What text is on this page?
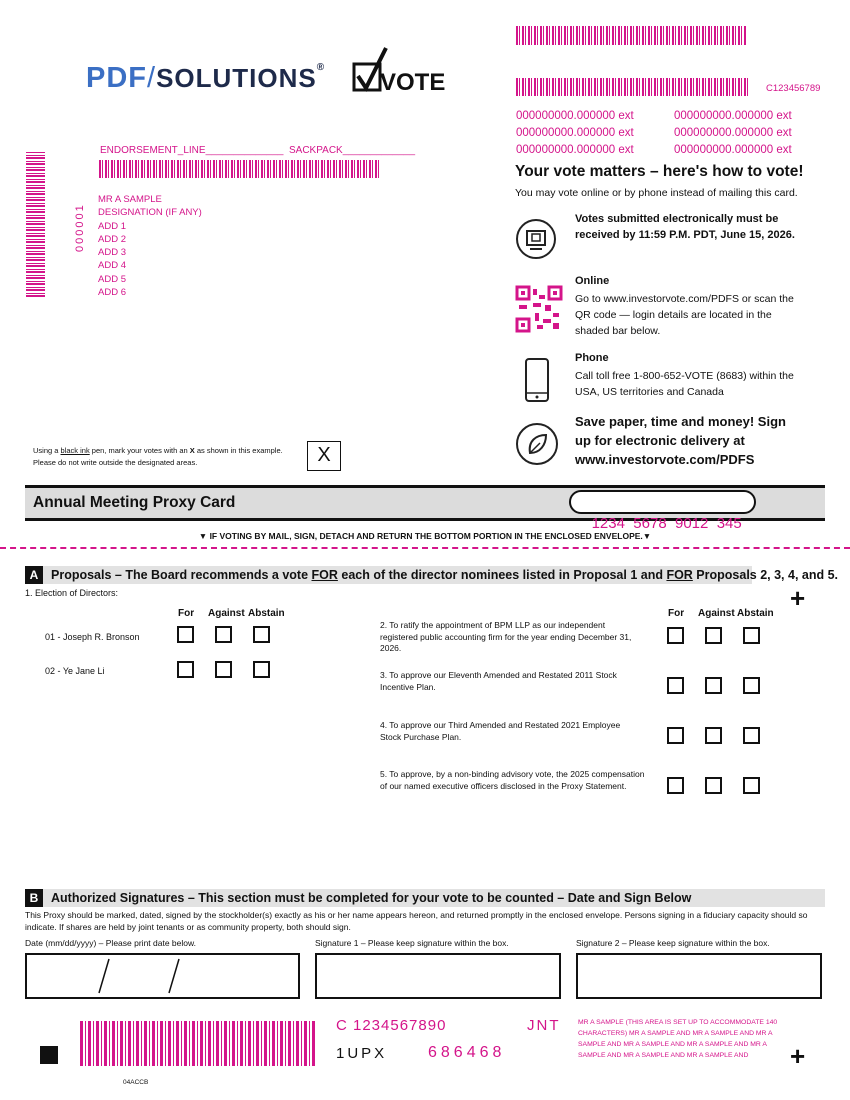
PDF/SOLUTIONS®
VOTE	C123456789
000000000.000000 ext	000000000.000000 ext
000000000.000000 ext	000000000.000000 ext
000000000.000000 ext	000000000.000000 ext
ENDORSEMENT_LINE______________  SACKPACK_____________
000001
MR A SAMPLE
DESIGNATION (IF ANY)
ADD 1
ADD 2
ADD 3
ADD 4
ADD 5
ADD 6
Your vote matters – here's how to vote!
You may vote online or by phone instead of mailing this card.
Votes submitted electronically must be received by 11:59 P.M. PDT, June 15, 2026.
Online
Go to www.investorvote.com/PDFS or scan the QR code — login details are located in the shaded bar below.
Phone
Call toll free 1-800-652-VOTE (8683) within the USA, US territories and Canada
Save paper, time and money! Sign up for electronic delivery at www.investorvote.com/PDFS
Using a black ink pen, mark your votes with an X as shown in this example.
Please do not write outside the designated areas.	X
Annual Meeting Proxy Card

1234  5678  9012  345

▼ IF VOTING BY MAIL, SIGN, DETACH AND RETURN THE BOTTOM PORTION IN THE ENCLOSED ENVELOPE.▼
A	Proposals – The Board recommends a vote FOR each of the director nominees listed in Proposal 1 and FOR Proposals 2, 3, 4, and 5.
+
1. Election of Directors:
For Against Abstain
01 - Joseph R. Bronson
02 - Ye Jane Li
For Against Abstain
2. To ratify the appointment of BPM LLP as our independent registered public accounting firm for the year ending December 31, 2026.
3. To approve our Eleventh Amended and Restated 2011 Stock Incentive Plan.
4. To approve our Third Amended and Restated 2021 Employee Stock Purchase Plan.
5. To approve, by a non-binding advisory vote, the 2025 compensation of our named executive officers disclosed in the Proxy Statement.
B	Authorized Signatures – This section must be completed for your vote to be counted – Date and Sign Below
This Proxy should be marked, dated, signed by the stockholder(s) exactly as his or her name appears hereon, and returned promptly in the enclosed envelope. Persons signing in a fiduciary capacity should so indicate. If shares are held by joint tenants or as community property, both should sign.
Date (mm/dd/yyyy) – Please print date below.	Signature 1 – Please keep signature within the box.	Signature 2 – Please keep signature within the box.
04ACCB
C 1234567890	JNT
1UPX	686468
MR A SAMPLE (THIS AREA IS SET UP TO ACCOMMODATE 140 CHARACTERS) MR A SAMPLE AND MR A SAMPLE AND MR A SAMPLE AND MR A SAMPLE AND MR A SAMPLE AND MR A SAMPLE AND MR A SAMPLE AND MR A SAMPLE AND	+
